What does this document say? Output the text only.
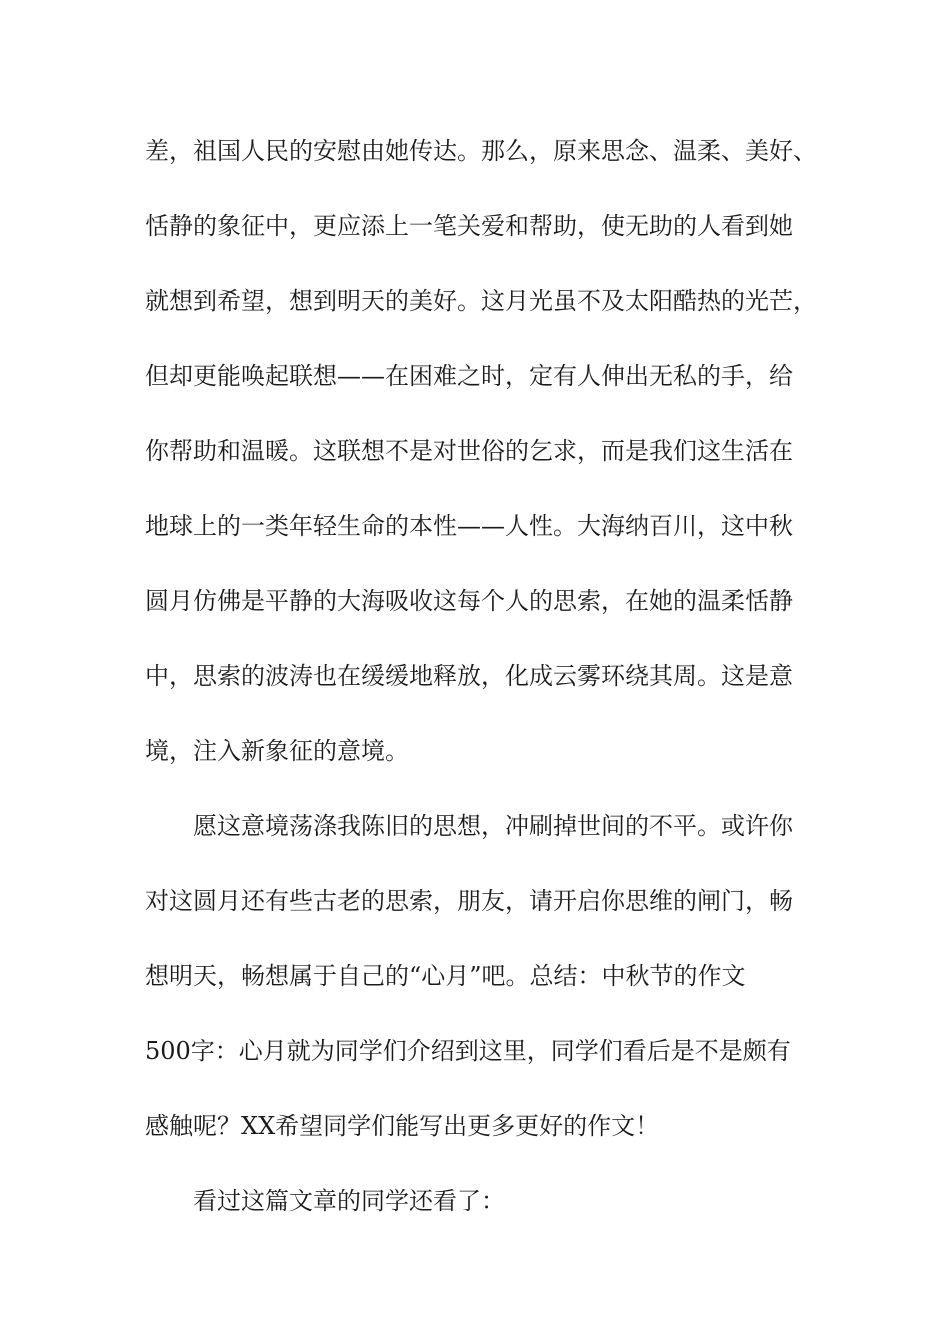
差，祖国人民的安慰由她传达。那么，原来思念、温柔、美好、

恬静的象征中，更应添上一笔关爱和帮助，使无助的人看到她

就想到希望，想到明天的美好。这月光虽不及太阳酷热的光芒，

但却更能唤起联想——在困难之时，定有人伸出无私的手，给

你帮助和温暖。这联想不是对世俗的乞求，而是我们这生活在

地球上的一类年轻生命的本性——人性。大海纳百川，这中秋

圆月仿佛是平静的大海吸收这每个人的思索，在她的温柔恬静

中，思索的波涛也在缓缓地释放，化成云雾环绕其周。这是意

境，注入新象征的意境。

愿这意境荡涤我陈旧的思想，冲刷掉世间的不平。或许你

对这圆月还有些古老的思索，朋友，请开启你思维的闸门，畅

想明天，畅想属于自己的“心月”吧。总结：中秋节的作文

500字：心月就为同学们介绍到这里，同学们看后是不是颇有

感触呢？XX希望同学们能写出更多更好的作文！

看过这篇文章的同学还看了：
